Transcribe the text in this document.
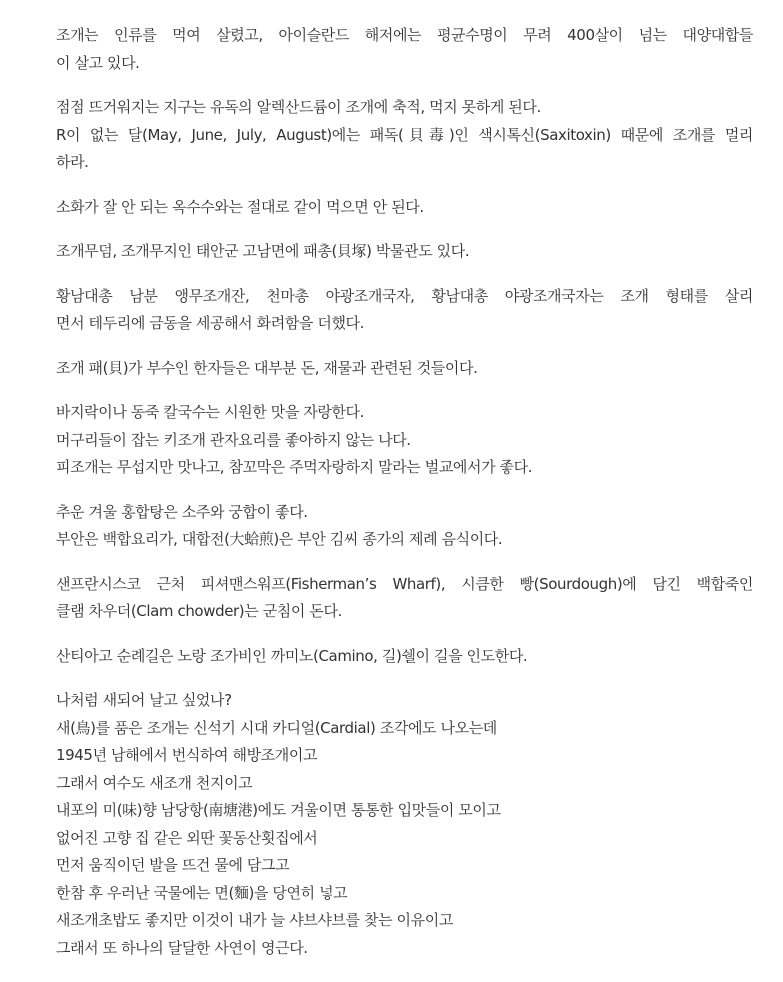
조개는 인류를 먹여 살렸고, 아이슬란드 해저에는 평균수명이 무려 400살이 넘는 대양대합들
이 살고 있다.

점점 뜨거워지는 지구는 유독의 알렉산드륨이 조개에 축적, 먹지 못하게 된다.
R이 없는 달(May, June, July, August)에는 패독(貝毒)인 색시톡신(Saxitoxin) 때문에 조개를 멀리
하라.

소화가 잘 안 되는 옥수수와는 절대로 같이 먹으면 안 된다.

조개무덤, 조개무지인 태안군 고남면에 패총(貝塚) 박물관도 있다.

황남대총 남분 앵무조개잔, 천마총 야광조개국자, 황남대총 야광조개국자는 조개 형태를 살리
면서 테두리에 금동을 세공해서 화려함을 더했다.

조개 패(貝)가 부수인 한자들은 대부분 돈, 재물과 관련된 것들이다.

바지락이나 동죽 칼국수는 시원한 맛을 자랑한다.
머구리들이 잡는 키조개 관자요리를 좋아하지 않는 나다.
피조개는 무섭지만 맛나고, 참꼬막은 주먹자랑하지 말라는 벌교에서가 좋다.

추운 겨울 홍합탕은 소주와 궁합이 좋다.
부안은 백합요리가, 대합전(大蛤煎)은 부안 김씨 종가의 제례 음식이다.

샌프란시스코 근처 피셔맨스워프(Fisherman’s Wharf), 시큼한 빵(Sourdough)에 담긴 백합죽인
클램 차우더(Clam chowder)는 군침이 돈다.

산티아고 순례길은 노랑 조가비인 까미노(Camino, 길)쉘이 길을 인도한다.

나처럼 새되어 날고 싶었나?
새(鳥)를 품은 조개는 신석기 시대 카디얼(Cardial) 조각에도 나오는데
1945년 남해에서 번식하여 해방조개이고
그래서 여수도 새조개 천지이고
내포의 미(味)향 남당항(南塘港)에도 겨울이면 통통한 입맛들이 모이고
없어진 고향 집 같은 외딴 꽃동산횟집에서
먼저 움직이던 발을 뜨건 물에 담그고
한참 후 우러난 국물에는 면(麵)을 당연히 넣고
새조개초밥도 좋지만 이것이 내가 늘 샤브샤브를 찾는 이유이고
그래서 또 하나의 달달한 사연이 영근다.
